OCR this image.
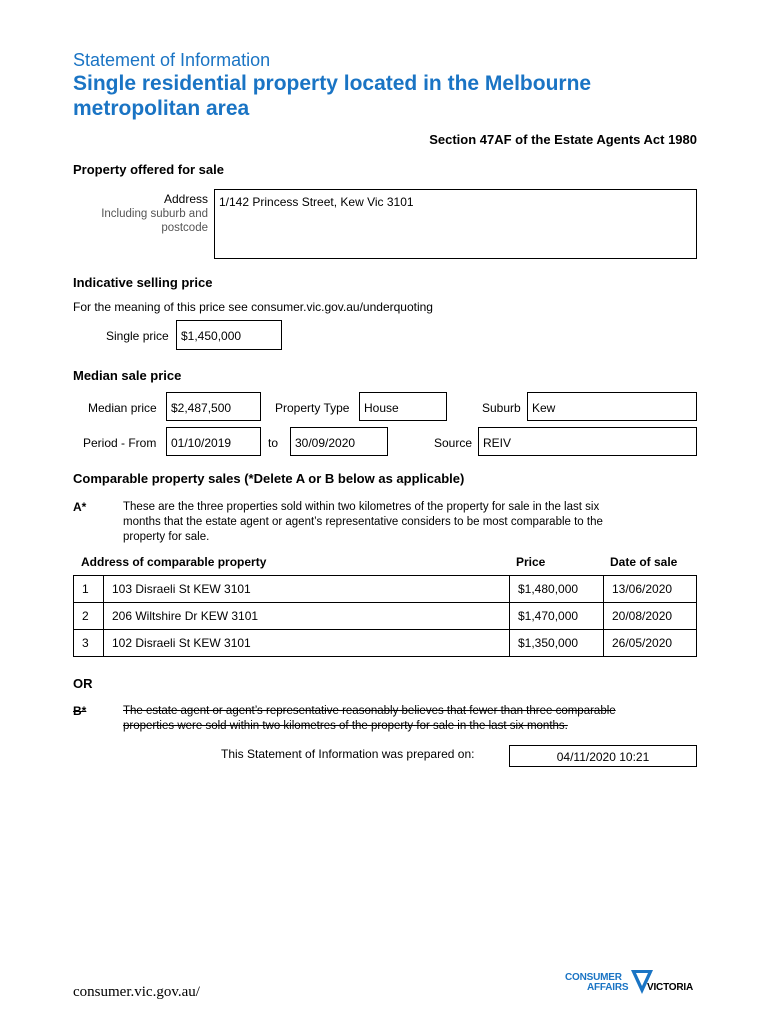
Statement of Information
Single residential property located in the Melbourne
metropolitan area
Section 47AF of the Estate Agents Act 1980
Property offered for sale
Address
Including suburb and
postcode
1/142 Princess Street, Kew Vic 3101
Indicative selling price
For the meaning of this price see consumer.vic.gov.au/underquoting
Single price	$1,450,000
Median sale price
Median price	$2,487,500	Property Type	House	Suburb Kew
Period - From	01/10/2019	to	30/09/2020	Source REIV
Comparable property sales (*Delete A or B below as applicable)
A*	These are the three properties sold within two kilometres of the property for sale in the last six
months that the estate agent or agent’s representative considers to be most comparable to the
property for sale.
Address of comparable property	Price	Date of sale
1	103 Disraeli St KEW 3101	$1,480,000	13/06/2020
2	206 Wiltshire Dr KEW 3101	$1,470,000	20/08/2020
3	102 Disraeli St KEW 3101	$1,350,000	26/05/2020
OR
B*	The estate agent or agent’s representative reasonably believes that fewer than three comparable
properties were sold within two kilometres of the property for sale in the last six months.
This Statement of Information was prepared on:	04/11/2020 10:21
consumer.vic.gov.au/
CONSUMER
AFFAIRS VICTORIA
